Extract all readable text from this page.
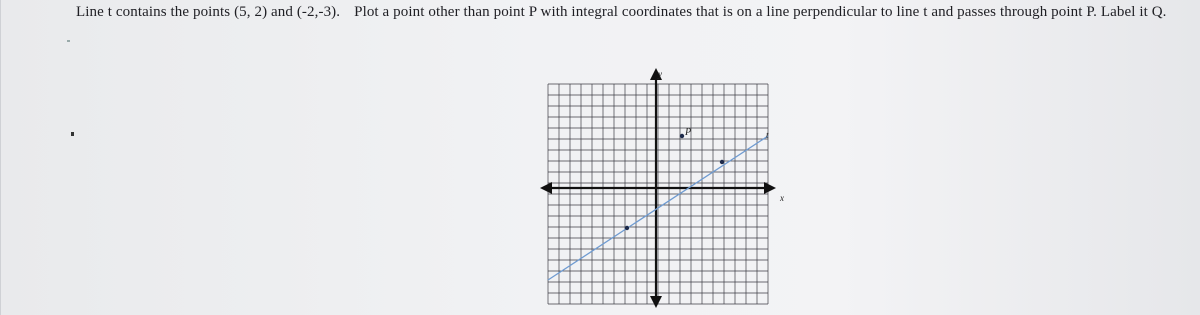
Line t contains the points (5, 2) and (-2,-3). Plot a point other than point P with integral coordinates that is on a line perpendicular to line t and passes through point P. Label it Q.
x
y
t
P
